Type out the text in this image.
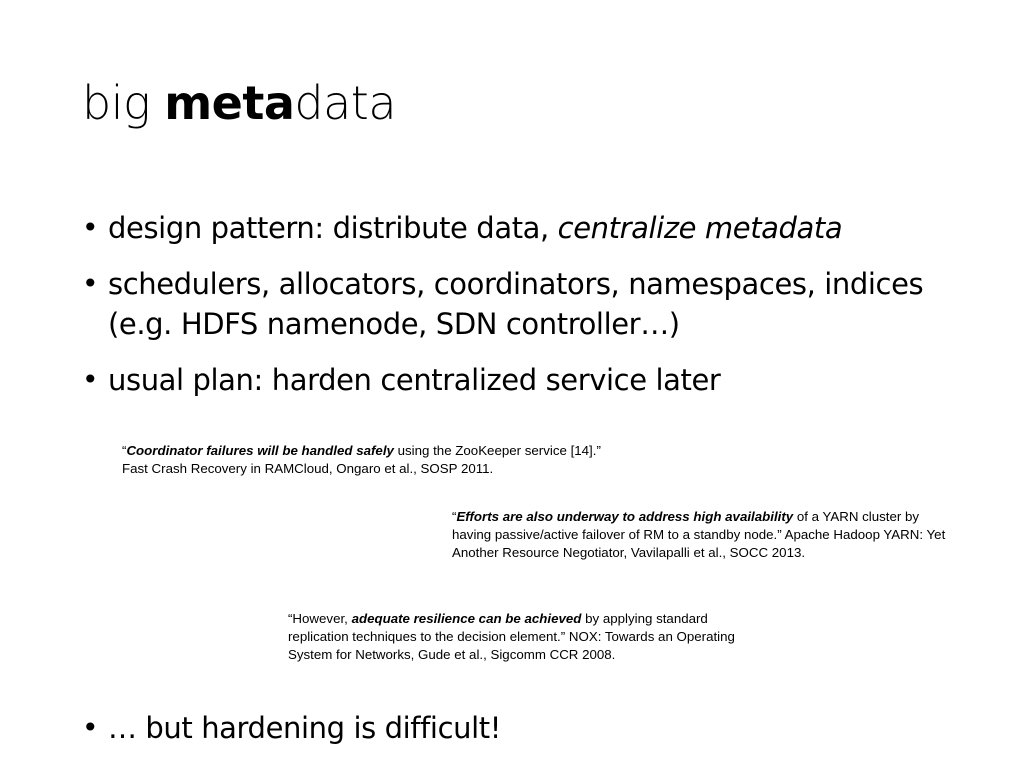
big metadata
• design pattern: distribute data, centralize metadata
• schedulers, allocators, coordinators, namespaces, indices (e.g. HDFS namenode, SDN controller…)
• usual plan: harden centralized service later
“Coordinator failures will be handled safely using the ZooKeeper service [14].” Fast Crash Recovery in RAMCloud, Ongaro et al., SOSP 2011.
“Efforts are also underway to address high availability of a YARN cluster by having passive/active failover of RM to a standby node.” Apache Hadoop YARN: Yet Another Resource Negotiator, Vavilapalli et al., SOCC 2013.
“However, adequate resilience can be achieved by applying standard replication techniques to the decision element.” NOX: Towards an Operating System for Networks, Gude et al., Sigcomm CCR 2008.
• … but hardening is difficult!
